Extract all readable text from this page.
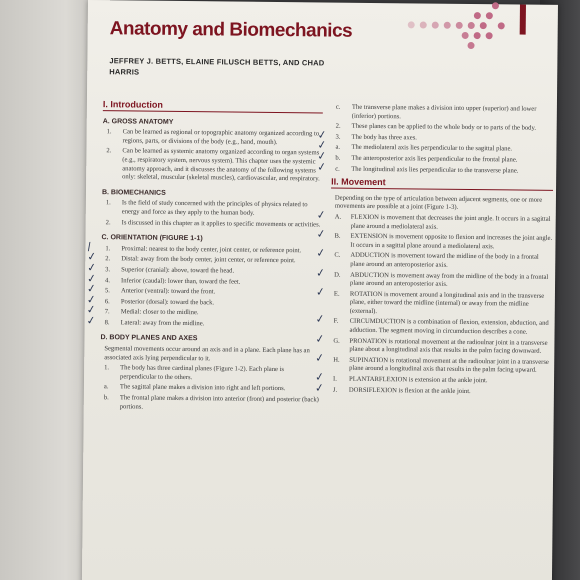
Anatomy and Biomechanics
JEFFREY J. BETTS, ELAINE FILUSCH BETTS, AND CHAD HARRIS
I. Introduction
A. GROSS ANATOMY
1. Can be learned as regional or topographic anatomy organized according to regions, parts, or divisions of the body (e.g., hand, mouth).
2. Can be learned as systemic anatomy organized according to organ systems (e.g., respiratory system, nervous system). This chapter uses the systemic anatomy approach, and it discusses the anatomy of the following systems only: skeletal, muscular (skeletal muscles), cardiovascular, and respiratory.
B. BIOMECHANICS
1. Is the field of study concerned with the principles of physics related to energy and force as they apply to the human body.
2. Is discussed in this chapter as it applies to specific movements or activities.
C. ORIENTATION (FIGURE 1-1)
1.
/	Proximal: nearest to the body center, joint center, or reference point.
2.
✓	Distal: away from the body center, joint center, or reference point.
3.
✓	Superior (cranial): above, toward the head.
4.
✓	Inferior (caudal): lower than, toward the feet.
5.
✓	Anterior (ventral): toward the front.
6.
✓	Posterior (dorsal): toward the back.
7.
✓	Medial: closer to the midline.
8.
✓	Lateral: away from the midline.
D. BODY PLANES AND AXES
Segmental movements occur around an axis and in a plane. Each plane has an associated axis lying perpendicular to it.
1. The body has three cardinal planes (Figure 1-2). Each plane is perpendicular to the others.
a. The sagittal plane makes a division into right and left portions.
b. The frontal plane makes a division into anterior (front) and posterior (back) portions.
c. The transverse plane makes a division into upper (superior) and lower (inferior) portions.
2. These planes can be applied to the whole body or to parts of the body.
3.
✓	The body has three axes.
a.
✓	The mediolateral axis lies perpendicular to the sagittal plane.
b.
✓	The anteroposterior axis lies perpendicular to the frontal plane.
c.
✓	The longitudinal axis lies perpendicular to the transverse plane.
II. Movement
Depending on the type of articulation between adjacent segments, one or more movements are possible at a joint (Figure 1-3).
A.
✓	FLEXION is movement that decreases the joint angle. It occurs in a sagittal plane around a mediolateral axis.
B.
✓	EXTENSION is movement opposite to flexion and increases the joint angle. It occurs in a sagittal plane around a mediolateral axis.
C.
✓	ADDUCTION is movement toward the midline of the body in a frontal plane around an anteroposterior axis.
D.
✓	ABDUCTION is movement away from the midline of the body in a frontal plane around an anteroposterior axis.
E.
✓	ROTATION is movement around a longitudinal axis and in the transverse plane, either toward the midline (internal) or away from the midline (external).
F.
✓	CIRCUMDUCTION is a combination of flexion, extension, abduction, and adduction. The segment moving in circumduction describes a cone.
G.
✓	PRONATION is rotational movement at the radioulnar joint in a transverse plane about a longitudinal axis that results in the palm facing downward.
H.
✓	SUPINATION is rotational movement at the radioulnar joint in a transverse plane around a longitudinal axis that results in the palm facing upward.
I.
✓	PLANTARFLEXION is extension at the ankle joint.
J.
✓	DORSIFLEXION is flexion at the ankle joint.
